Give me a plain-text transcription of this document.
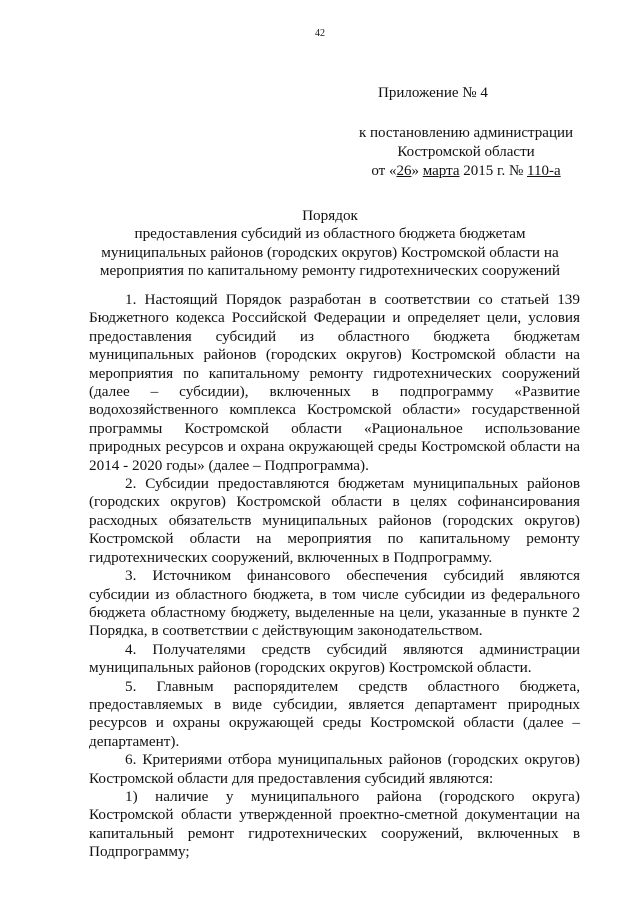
42
Приложение № 4
к постановлению администрации
Костромской области
от «26» марта 2015 г. № 110-а
Порядок
предоставления субсидий из областного бюджета бюджетам
муниципальных районов (городских округов) Костромской области на
мероприятия по капитальному ремонту гидротехнических сооружений

1. Настоящий Порядок разработан в соответствии со статьей 139 Бюджетного кодекса Российской Федерации и определяет цели, условия предоставления субсидий из областного бюджета бюджетам муниципальных районов (городских округов) Костромской области на мероприятия по капитальному ремонту гидротехнических сооружений (далее – субсидии), включенных в подпрограмму «Развитие водохозяйственного комплекса Костромской области» государственной программы Костромской области «Рациональное использование природных ресурсов и охрана окружающей среды Костромской области на 2014 - 2020 годы» (далее – Подпрограмма).

2. Субсидии предоставляются бюджетам муниципальных районов (городских округов) Костромской области в целях софинансирования расходных обязательств муниципальных районов (городских округов) Костромской области на мероприятия по капитальному ремонту гидротехнических сооружений, включенных в Подпрограмму.

3. Источником финансового обеспечения субсидий являются субсидии из областного бюджета, в том числе субсидии из федерального бюджета областному бюджету, выделенные на цели, указанные в пункте 2 Порядка, в соответствии с действующим законодательством.

4. Получателями средств субсидий являются администрации муниципальных районов (городских округов) Костромской области.

5. Главным распорядителем средств областного бюджета, предоставляемых в виде субсидии, является департамент природных ресурсов и охраны окружающей среды Костромской области (далее – департамент).

6. Критериями отбора муниципальных районов (городских округов) Костромской области для предоставления субсидий являются:

1) наличие у муниципального района (городского округа) Костромской области утвержденной проектно-сметной документации на капитальный ремонт гидротехнических сооружений, включенных в Подпрограмму;
